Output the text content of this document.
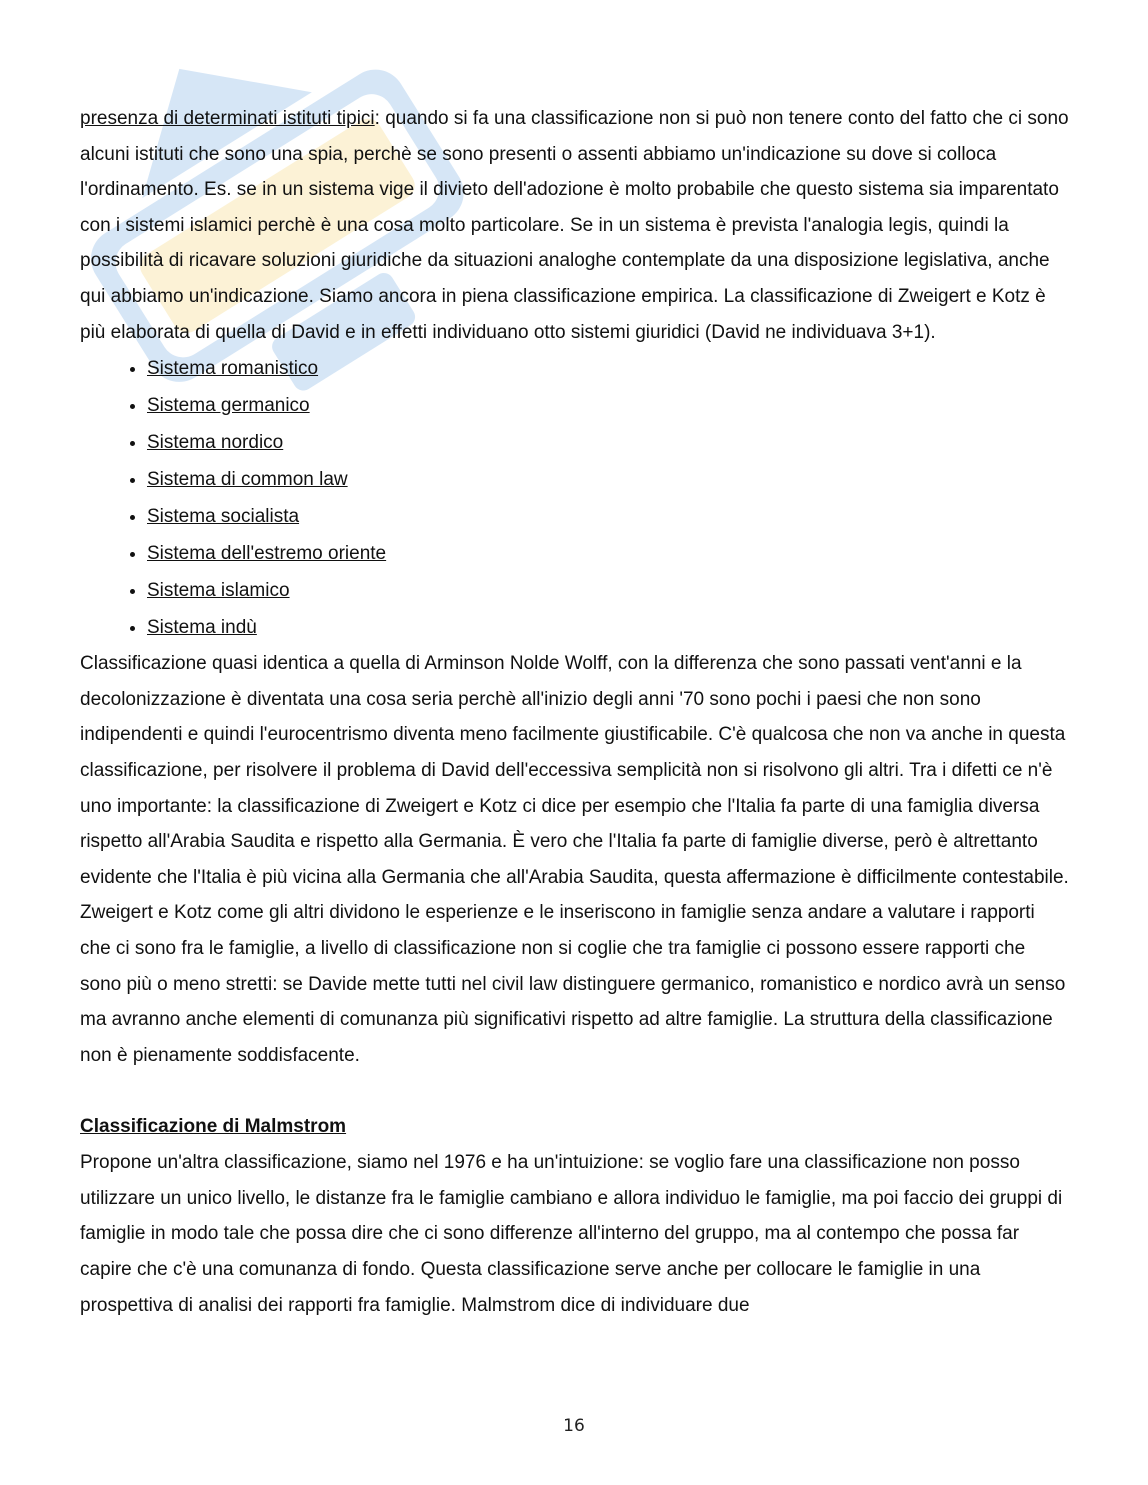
presenza di determinati istituti tipici: quando si fa una classificazione non si può non tenere conto del fatto che ci sono alcuni istituti che sono una spia, perchè se sono presenti o assenti abbiamo un'indicazione su dove si colloca l'ordinamento. Es. se in un sistema vige il divieto dell'adozione è molto probabile che questo sistema sia imparentato con i sistemi islamici perchè è una cosa molto particolare. Se in un sistema è prevista l'analogia legis, quindi la possibilità di ricavare soluzioni giuridiche da situazioni analoghe contemplate da una disposizione legislativa, anche qui abbiamo un'indicazione. Siamo ancora in piena classificazione empirica. La classificazione di Zweigert e Kotz è più elaborata di quella di David e in effetti individuano otto sistemi giuridici (David ne individuava 3+1).

• Sistema romanistico
• Sistema germanico
• Sistema nordico
• Sistema di common law
• Sistema socialista
• Sistema dell'estremo oriente
• Sistema islamico
• Sistema indù

Classificazione quasi identica a quella di Arminson Nolde Wolff, con la differenza che sono passati vent'anni e la decolonizzazione è diventata una cosa seria perchè all'inizio degli anni '70 sono pochi i paesi che non sono indipendenti e quindi l'eurocentrismo diventa meno facilmente giustificabile. C'è qualcosa che non va anche in questa classificazione, per risolvere il problema di David dell'eccessiva semplicità non si risolvono gli altri. Tra i difetti ce n'è uno importante: la classificazione di Zweigert e Kotz ci dice per esempio che l'Italia fa parte di una famiglia diversa rispetto all'Arabia Saudita e rispetto alla Germania. È vero che l'Italia fa parte di famiglie diverse, però è altrettanto evidente che l'Italia è più vicina alla Germania che all'Arabia Saudita, questa affermazione è difficilmente contestabile. Zweigert e Kotz come gli altri dividono le esperienze e le inseriscono in famiglie senza andare a valutare i rapporti che ci sono fra le famiglie, a livello di classificazione non si coglie che tra famiglie ci possono essere rapporti che sono più o meno stretti: se Davide mette tutti nel civil law distinguere germanico, romanistico e nordico avrà un senso ma avranno anche elementi di comunanza più significativi rispetto ad altre famiglie. La struttura della classificazione non è pienamente soddisfacente.

Classificazione di Malmstrom

Propone un'altra classificazione, siamo nel 1976 e ha un'intuizione: se voglio fare una classificazione non posso utilizzare un unico livello, le distanze fra le famiglie cambiano e allora individuo le famiglie, ma poi faccio dei gruppi di famiglie in modo tale che possa dire che ci sono differenze all'interno del gruppo, ma al contempo che possa far capire che c'è una comunanza di fondo. Questa classificazione serve anche per collocare le famiglie in una prospettiva di analisi dei rapporti fra famiglie. Malmstrom dice di individuare due

16
